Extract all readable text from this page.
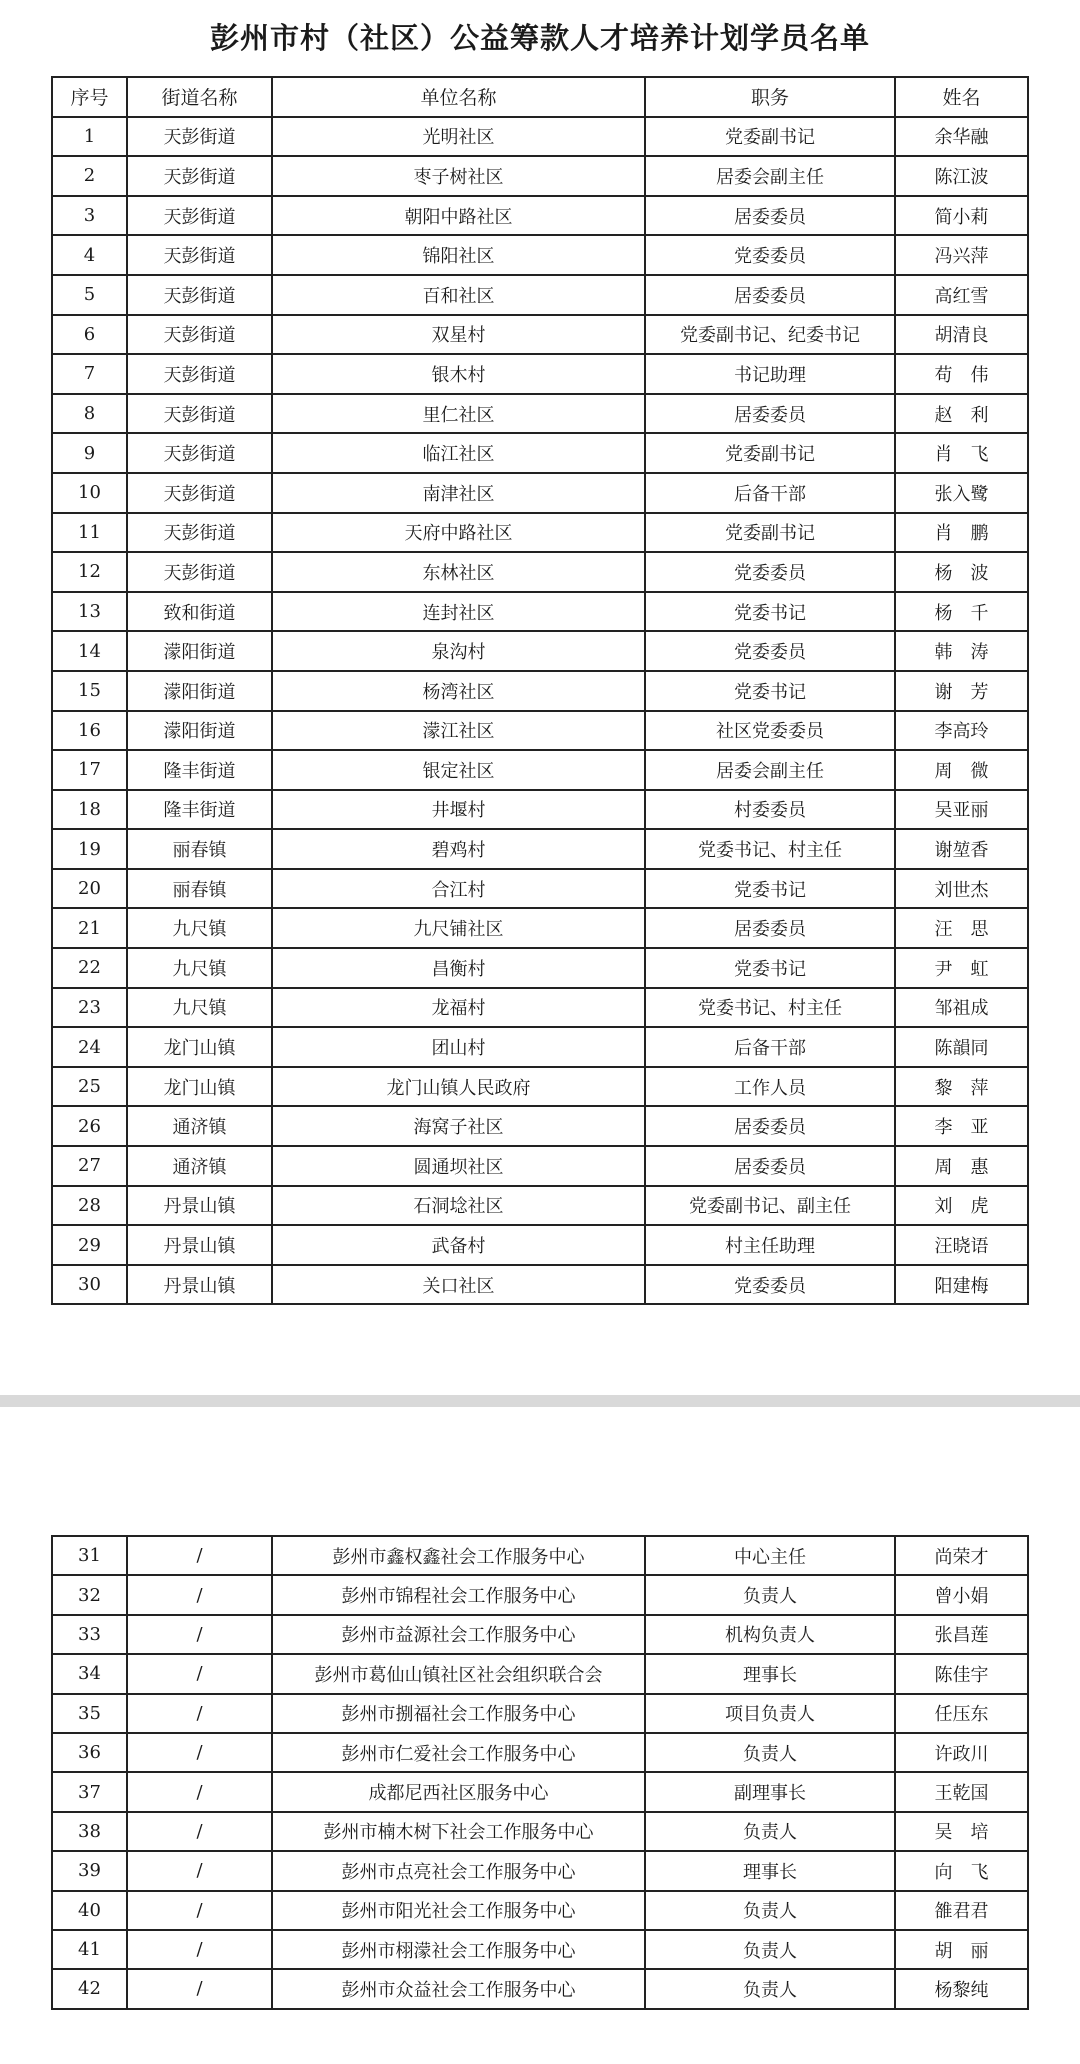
彭州市村（社区）公益筹款人才培养计划学员名单
序号	街道名称	单位名称	职务	姓名
1	天彭街道	光明社区	党委副书记	余华融
2	天彭街道	枣子树社区	居委会副主任	陈江波
3	天彭街道	朝阳中路社区	居委委员	简小莉
4	天彭街道	锦阳社区	党委委员	冯兴萍
5	天彭街道	百和社区	居委委员	高红雪
6	天彭街道	双星村	党委副书记、纪委书记	胡清良
7	天彭街道	银木村	书记助理	苟　伟
8	天彭街道	里仁社区	居委委员	赵　利
9	天彭街道	临江社区	党委副书记	肖　飞
10	天彭街道	南津社区	后备干部	张入鹭
11	天彭街道	天府中路社区	党委副书记	肖　鹏
12	天彭街道	东林社区	党委委员	杨　波
13	致和街道	连封社区	党委书记	杨　千
14	濛阳街道	泉沟村	党委委员	韩　涛
15	濛阳街道	杨湾社区	党委书记	谢　芳
16	濛阳街道	濛江社区	社区党委委员	李高玲
17	隆丰街道	银定社区	居委会副主任	周　微
18	隆丰街道	井堰村	村委委员	吴亚丽
19	丽春镇	碧鸡村	党委书记、村主任	谢堃香
20	丽春镇	合江村	党委书记	刘世杰
21	九尺镇	九尺铺社区	居委委员	汪　思
22	九尺镇	昌衡村	党委书记	尹　虹
23	九尺镇	龙福村	党委书记、村主任	邹祖成
24	龙门山镇	团山村	后备干部	陈韻同
25	龙门山镇	龙门山镇人民政府	工作人员	黎　萍
26	通济镇	海窝子社区	居委委员	李　亚
27	通济镇	圆通坝社区	居委委员	周　惠
28	丹景山镇	石洞埝社区	党委副书记、副主任	刘　虎
29	丹景山镇	武备村	村主任助理	汪晓语
30	丹景山镇	关口社区	党委委员	阳建梅
31	/	彭州市鑫权鑫社会工作服务中心	中心主任	尚荣才
32	/	彭州市锦程社会工作服务中心	负责人	曾小娟
33	/	彭州市益源社会工作服务中心	机构负责人	张昌莲
34	/	彭州市葛仙山镇社区社会组织联合会	理事长	陈佳宇
35	/	彭州市捌福社会工作服务中心	项目负责人	任压东
36	/	彭州市仁爱社会工作服务中心	负责人	许政川
37	/	成都尼西社区服务中心	副理事长	王乾国
38	/	彭州市楠木树下社会工作服务中心	负责人	吴　培
39	/	彭州市点亮社会工作服务中心	理事长	向　飞
40	/	彭州市阳光社会工作服务中心	负责人	雒君君
41	/	彭州市栩濛社会工作服务中心	负责人	胡　丽
42	/	彭州市众益社会工作服务中心	负责人	杨黎纯
